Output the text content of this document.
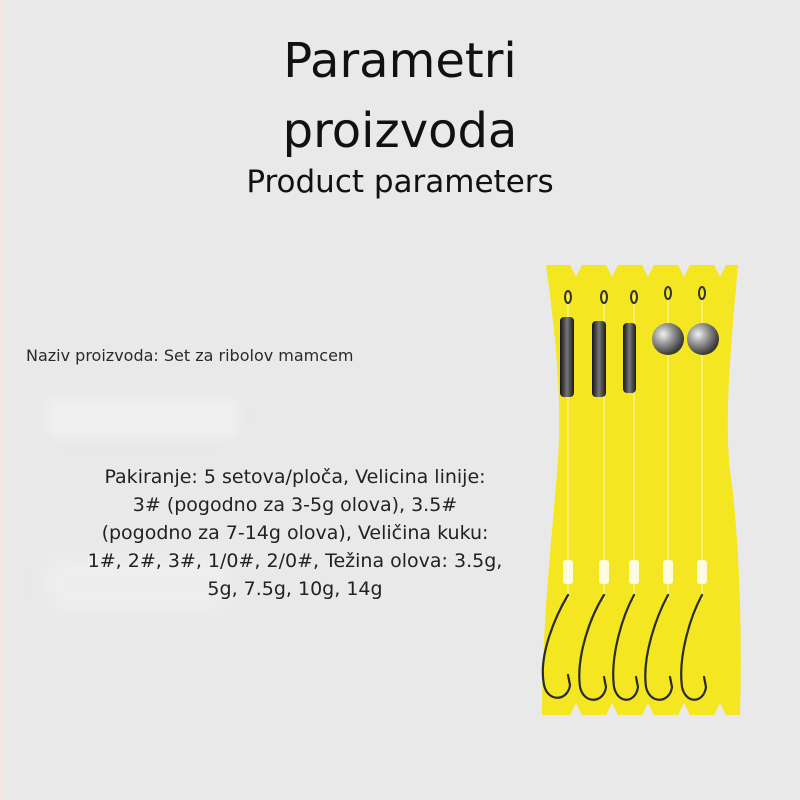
Parametri
proizvoda
Product parameters
Naziv proizvoda: Set za ribolov mamcem

Pakiranje: 5 setova/ploča, Velicina linije:
3# (pogodno za 3-5g olova), 3.5#
(pogodno za 7-14g olova), Veličina kuku:
1#, 2#, 3#, 1/0#, 2/0#, Težina olova: 3.5g,
5g, 7.5g, 10g, 14g
